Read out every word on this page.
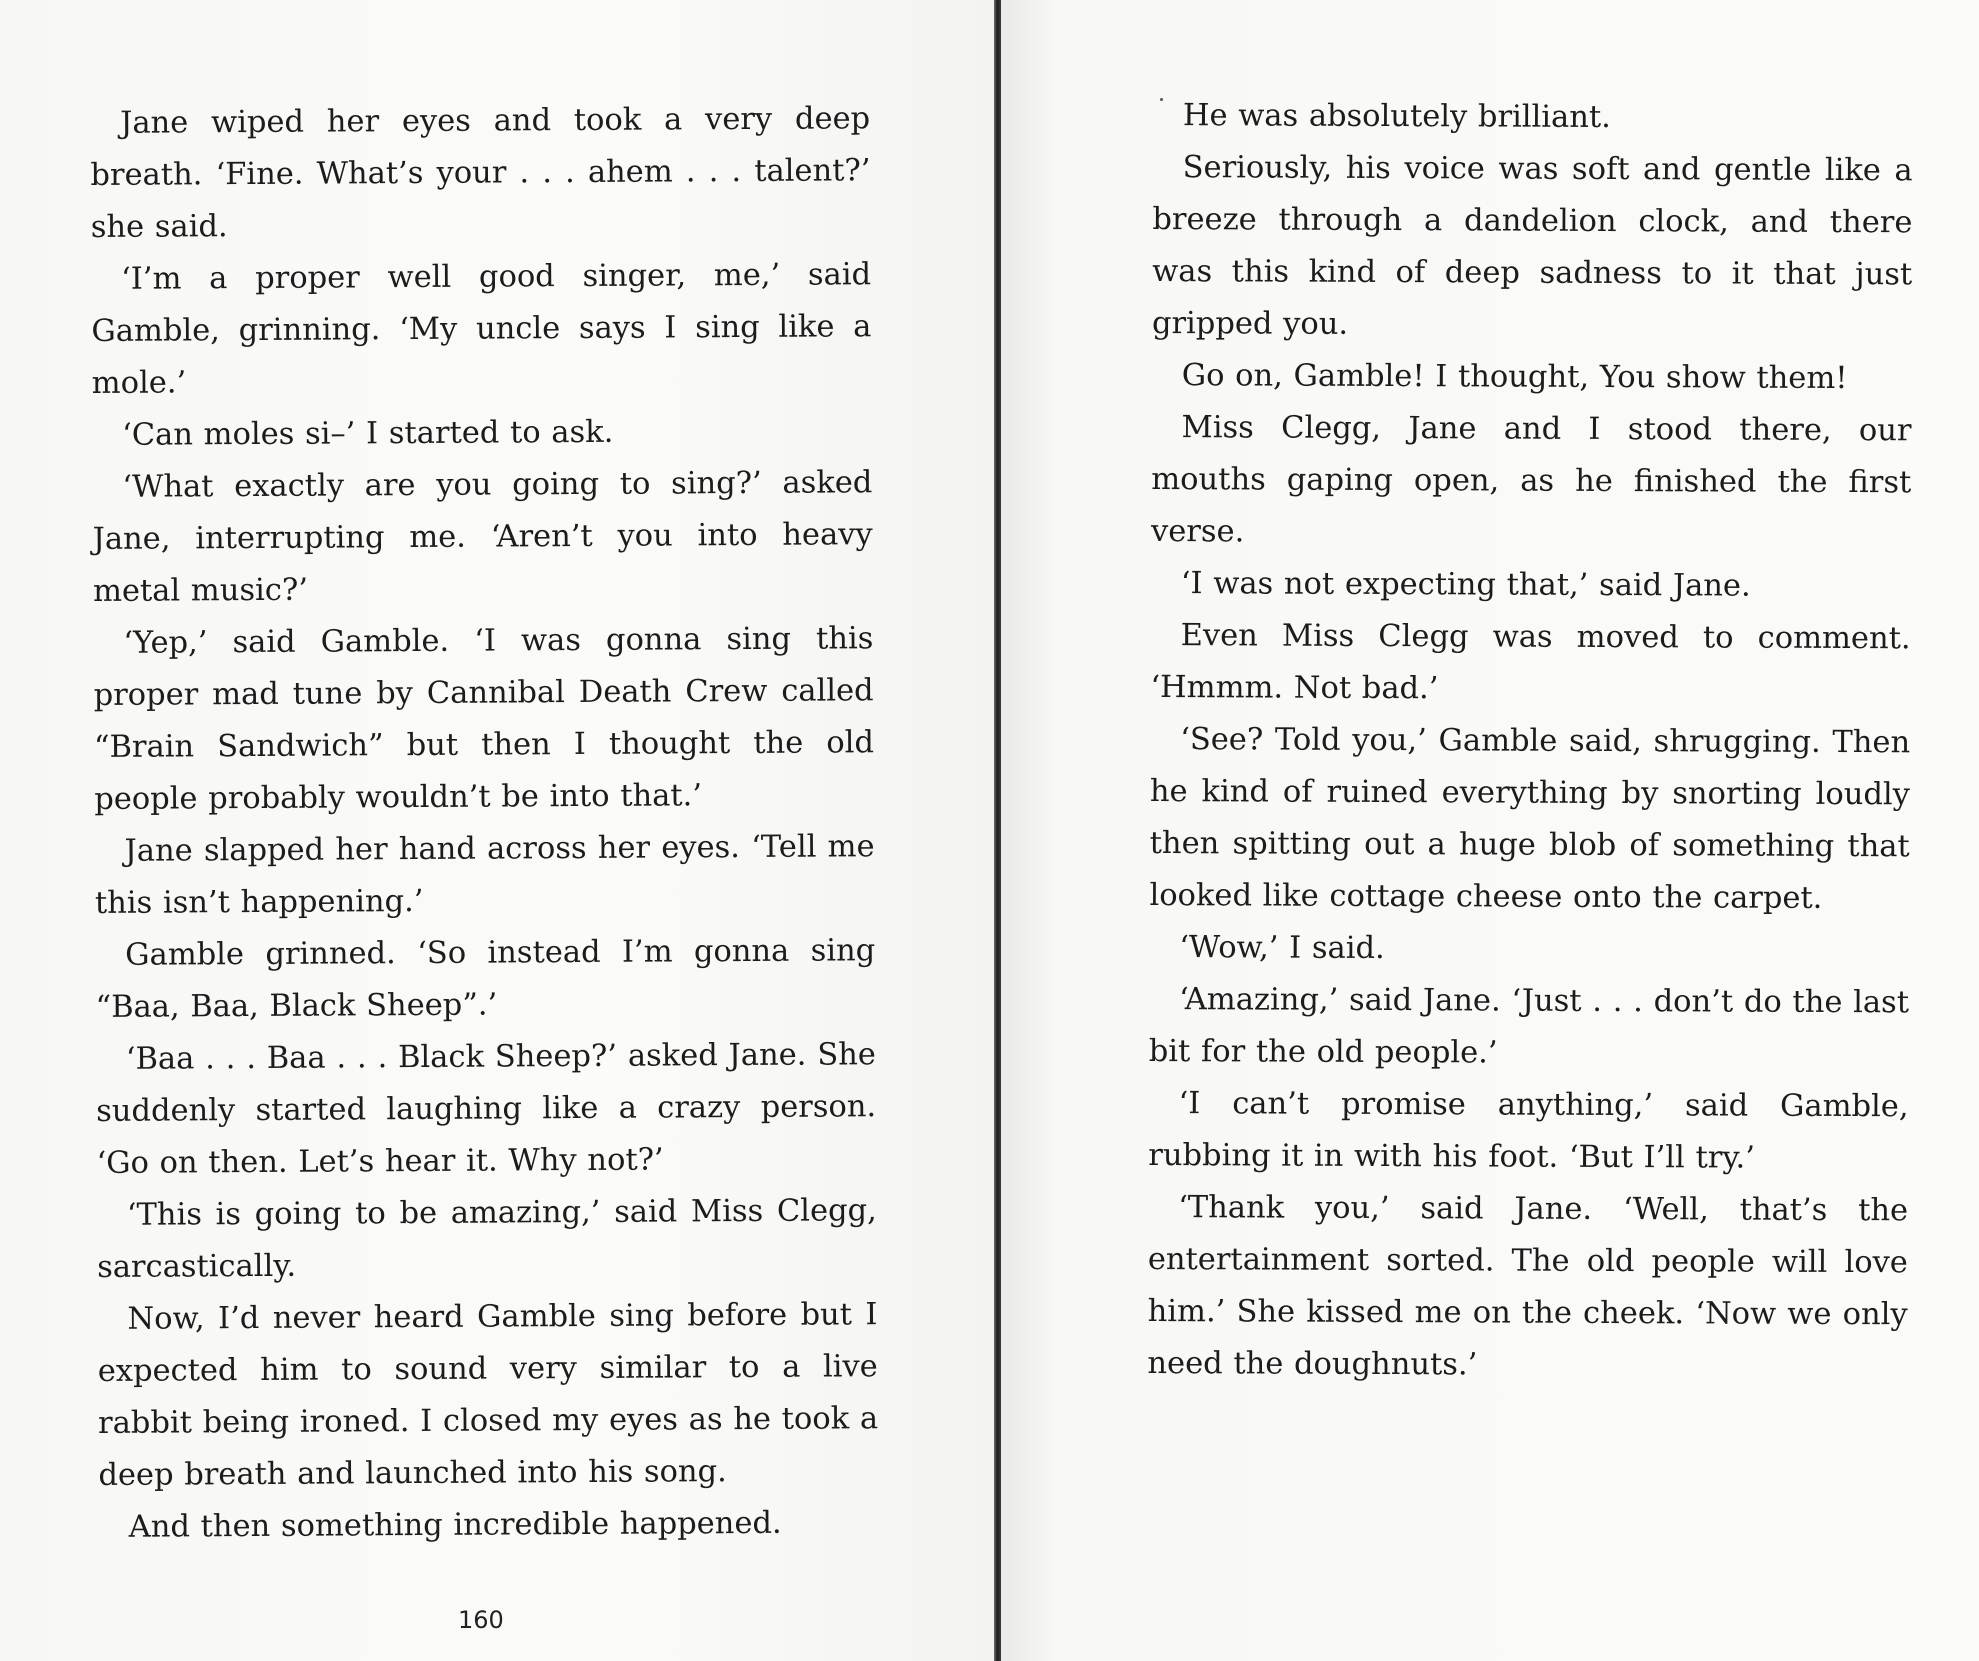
Jane wiped her eyes and took a very deep breath. ‘Fine. What’s your . . . ahem . . . talent?’ she said.

‘I’m a proper well good singer, me,’ said Gamble, grinning. ‘My uncle says I sing like a mole.’

‘Can moles si–’ I started to ask.

‘What exactly are you going to sing?’ asked Jane, interrupting me. ‘Aren’t you into heavy metal music?’

‘Yep,’ said Gamble. ‘I was gonna sing this proper mad tune by Cannibal Death Crew called “Brain Sandwich” but then I thought the old people probably wouldn’t be into that.’

Jane slapped her hand across her eyes. ‘Tell me this isn’t happening.’

Gamble grinned. ‘So instead I’m gonna sing “Baa, Baa, Black Sheep”.’

‘Baa . . . Baa . . . Black Sheep?’ asked Jane. She suddenly started laughing like a crazy person. ‘Go on then. Let’s hear it. Why not?’

‘This is going to be amazing,’ said Miss Clegg, sarcastically.

Now, I’d never heard Gamble sing before but I expected him to sound very similar to a live rabbit being ironed. I closed my eyes as he took a deep breath and launched into his song.

And then something incredible happened.

160

He was absolutely brilliant.

Seriously, his voice was soft and gentle like a breeze through a dandelion clock, and there was this kind of deep sadness to it that just gripped you.

Go on, Gamble! I thought, You show them!

Miss Clegg, Jane and I stood there, our mouths gaping open, as he finished the first verse.

‘I was not expecting that,’ said Jane.

Even Miss Clegg was moved to comment. ‘Hmmm. Not bad.’

‘See? Told you,’ Gamble said, shrugging. Then he kind of ruined everything by snorting loudly then spitting out a huge blob of something that looked like cottage cheese onto the carpet.

‘Wow,’ I said.

‘Amazing,’ said Jane. ‘Just . . . don’t do the last bit for the old people.’

‘I can’t promise anything,’ said Gamble, rubbing it in with his foot. ‘But I’ll try.’

‘Thank you,’ said Jane. ‘Well, that’s the entertainment sorted. The old people will love him.’ She kissed me on the cheek. ‘Now we only need the doughnuts.’
